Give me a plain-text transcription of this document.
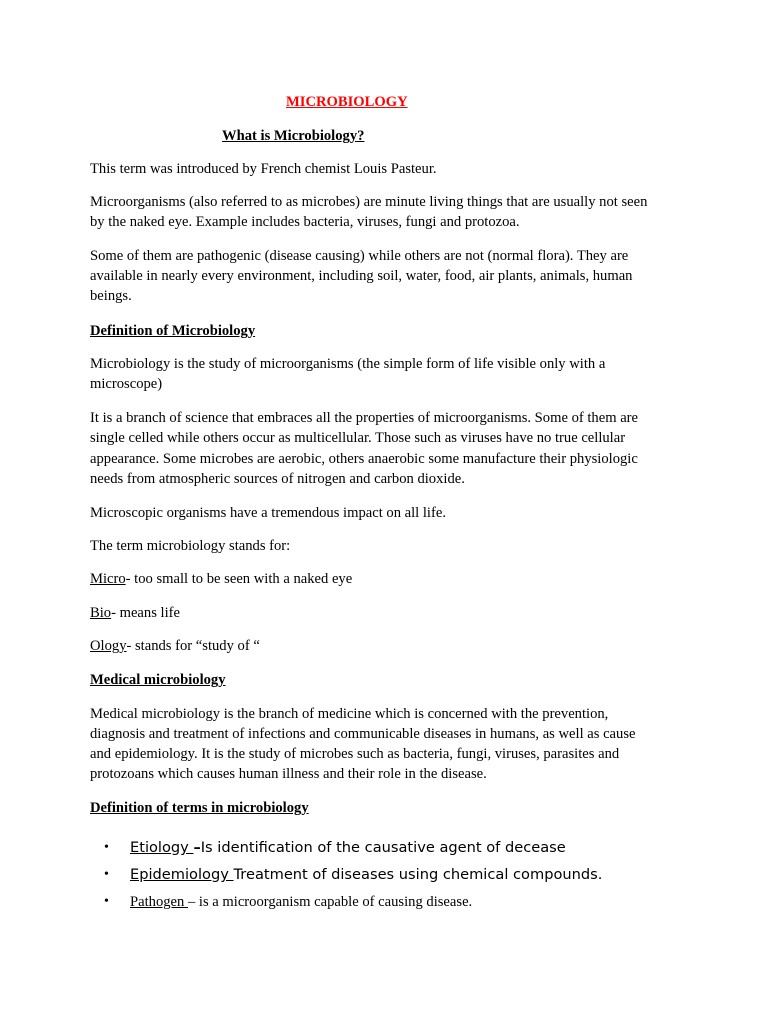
MICROBIOLOGY
What is Microbiology?
This term was introduced by French chemist Louis Pasteur.
Microorganisms (also referred to as microbes) are minute living things that are usually not seen
by the naked eye. Example includes bacteria, viruses, fungi and protozoa.
Some of them are pathogenic (disease causing) while others are not (normal flora). They are
available in nearly every environment, including soil, water, food, air plants, animals, human
beings.
Definition of Microbiology
Microbiology is the study of microorganisms (the simple form of life visible only with a
microscope)
It is a branch of science that embraces all the properties of microorganisms. Some of them are
single celled while others occur as multicellular. Those such as viruses have no true cellular
appearance. Some microbes are aerobic, others anaerobic some manufacture their physiologic
needs from atmospheric sources of nitrogen and carbon dioxide.
Microscopic organisms have a tremendous impact on all life.
The term microbiology stands for:
Micro- too small to be seen with a naked eye
Bio- means life
Ology- stands for “study of “
Medical microbiology
Medical microbiology is the branch of medicine which is concerned with the prevention,
diagnosis and treatment of infections and communicable diseases in humans, as well as cause
and epidemiology. It is the study of microbes such as bacteria, fungi, viruses, parasites and
protozoans which causes human illness and their role in the disease.
Definition of terms in microbiology
• Etiology –Is identification of the causative agent of decease
• Epidemiology Treatment of diseases using chemical compounds.
• Pathogen – is a microorganism capable of causing disease.
